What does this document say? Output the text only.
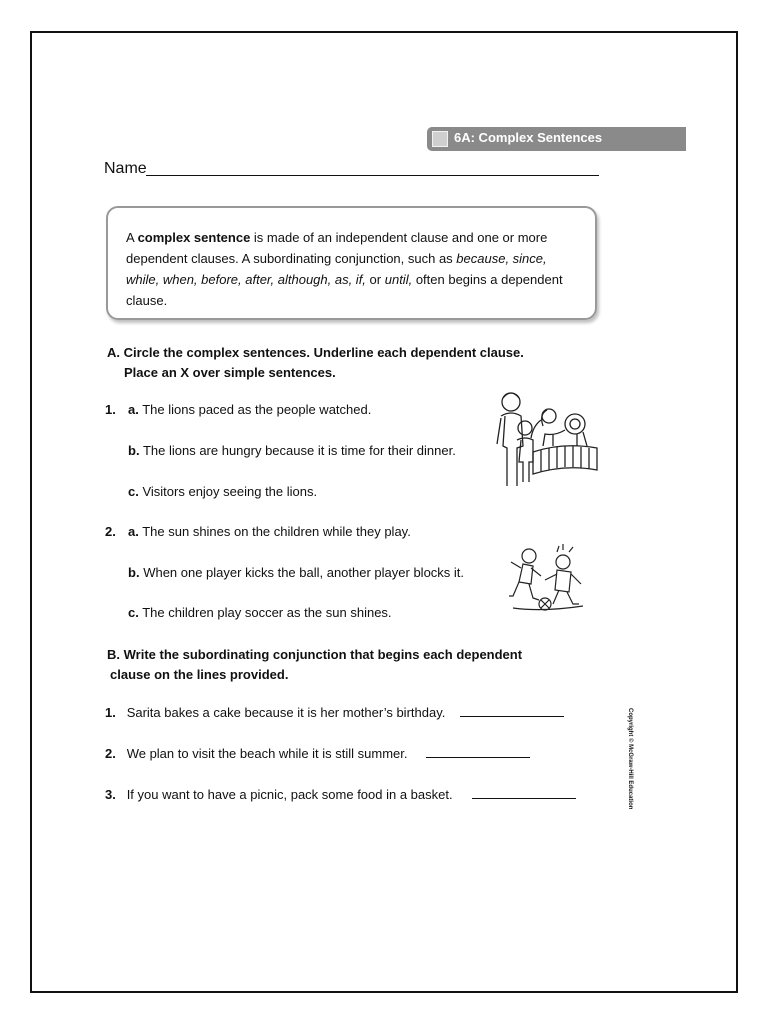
6A: Complex Sentences
Name
A complex sentence is made of an independent clause and one or more dependent clauses. A subordinating conjunction, such as because, since, while, when, before, after, although, as, if, or until, often begins a dependent clause.
A. Circle the complex sentences. Underline each dependent clause.
Place an X over simple sentences.
1. a. The lions paced as the people watched.
b. The lions are hungry because it is time for their dinner.
c. Visitors enjoy seeing the lions.
2. a. The sun shines on the children while they play.
b. When one player kicks the ball, another player blocks it.
c. The children play soccer as the sun shines.
B. Write the subordinating conjunction that begins each dependent
clause on the lines provided.
1. Sarita bakes a cake because it is her mother’s birthday.
2. We plan to visit the beach while it is still summer.
3. If you want to have a picnic, pack some food in a basket.	Copyright © McGraw-Hill Education
